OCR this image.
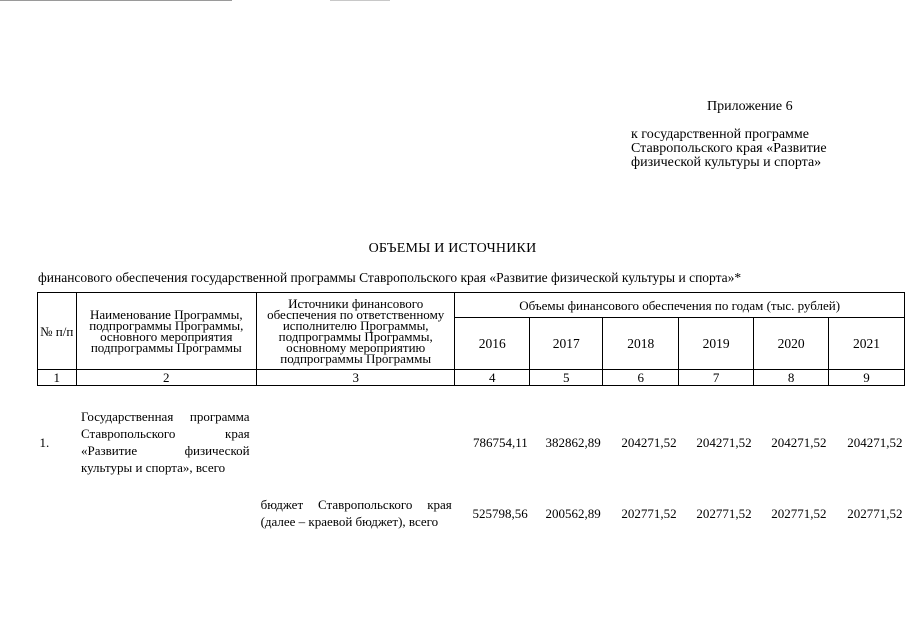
Приложение 6
к государственной программе Ставропольского края «Развитие физической культуры и спорта»
ОБЪЕМЫ И ИСТОЧНИКИ
финансового обеспечения государственной программы Ставропольского края «Развитие физической культуры и спорта»*
№ п/п	Наименование Программы, подпрограммы Программы, основного мероприятия подпрограммы Программы	Источники финансового обеспечения по ответственному исполнителю Программы, подпрограммы Программы, основному мероприятию подпрограммы Программы	Объемы финансового обеспечения по годам (тыс. рублей)					
			2016	2017	2018	2019	2020	2021
1	2	3	4	5	6	7	8	9
1.	Государственная программа Ставропольского края «Развитие физической культуры и спорта», всего		786754,11	382862,89	204271,52	204271,52	204271,52	204271,52
		бюджет Ставропольского края (далее – краевой бюджет), всего	525798,56	200562,89	202771,52	202771,52	202771,52	202771,52
